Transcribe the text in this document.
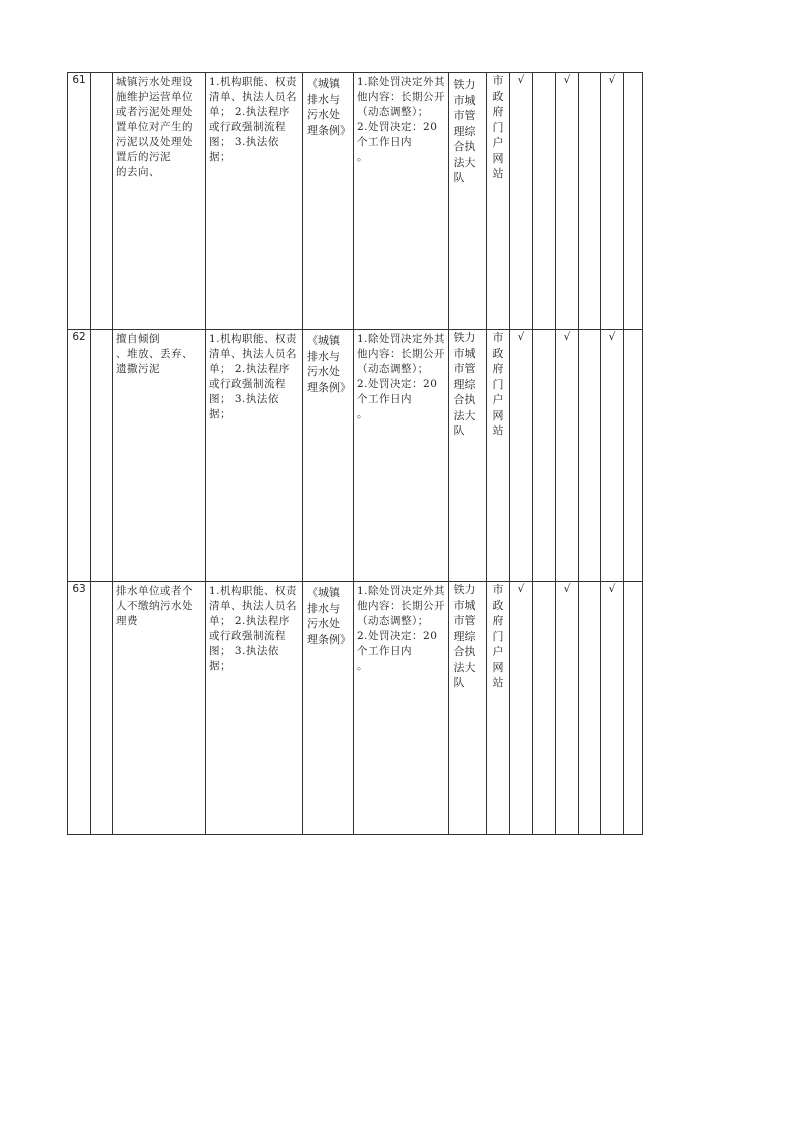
61		城镇污水处理设施维护运营单位或者污泥处理处置单位对产生的污泥以及处理处置后的污泥
的去向、	1.机构职能、权责清单、执法人员名单； 2.执法程序或行政强制流程 图； 3.执法依
据；	《城镇排水与污水处理条例》	1.除处罚决定外其他内容：长期公开
（动态调整）；
2.处罚决定：20个工作日内
。	铁力市城市管理综合执法大队	市政府门户网站	√		√		√	
62		擅自倾倒
、堆放、丢弃、遗撒污泥	1.机构职能、权责清单、执法人员名单； 2.执法程序或行政强制流程 图； 3.执法依
据；	《城镇排水与污水处理条例》	1.除处罚决定外其他内容：长期公开
（动态调整）；
2.处罚决定：20个工作日内
。	铁力市城市管理综合执法大队	市政府门户网站	√		√		√	
63		排水单位或者个人不缴纳污水处理费	1.机构职能、权责清单、执法人员名单； 2.执法程序或行政强制流程 图； 3.执法依
据；	《城镇排水与污水处理条例》	1.除处罚决定外其他内容：长期公开
（动态调整）；
2.处罚决定：20个工作日内
。	铁力市城市管理综合执法大队	市政府门户网站	√		√		√	
